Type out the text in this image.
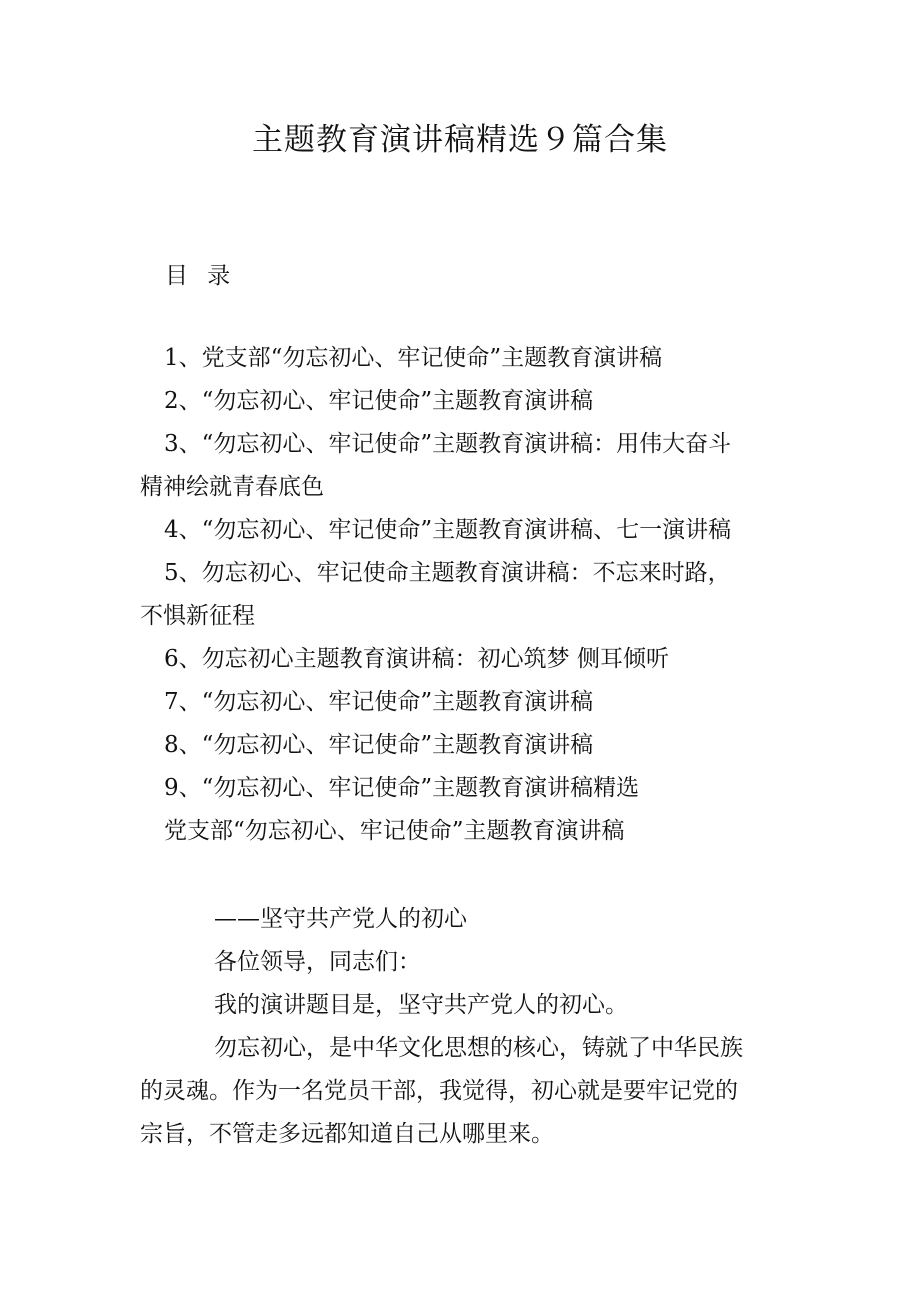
主题教育演讲稿精选９篇合集
目 录
1、党支部“勿忘初心、牢记使命”主题教育演讲稿
2、“勿忘初心、牢记使命”主题教育演讲稿
3、“勿忘初心、牢记使命”主题教育演讲稿：用伟大奋斗
精神绘就青春底色
4、“勿忘初心、牢记使命”主题教育演讲稿、七一演讲稿
5、勿忘初心、牢记使命主题教育演讲稿：不忘来时路，
不惧新征程
6、勿忘初心主题教育演讲稿：初心筑梦 侧耳倾听
7、“勿忘初心、牢记使命”主题教育演讲稿
8、“勿忘初心、牢记使命”主题教育演讲稿
9、“勿忘初心、牢记使命”主题教育演讲稿精选
党支部“勿忘初心、牢记使命”主题教育演讲稿
——坚守共产党人的初心
各位领导，同志们：
我的演讲题目是，坚守共产党人的初心。
勿忘初心，是中华文化思想的核心，铸就了中华民族
的灵魂。作为一名党员干部，我觉得，初心就是要牢记党的
宗旨，不管走多远都知道自己从哪里来。
